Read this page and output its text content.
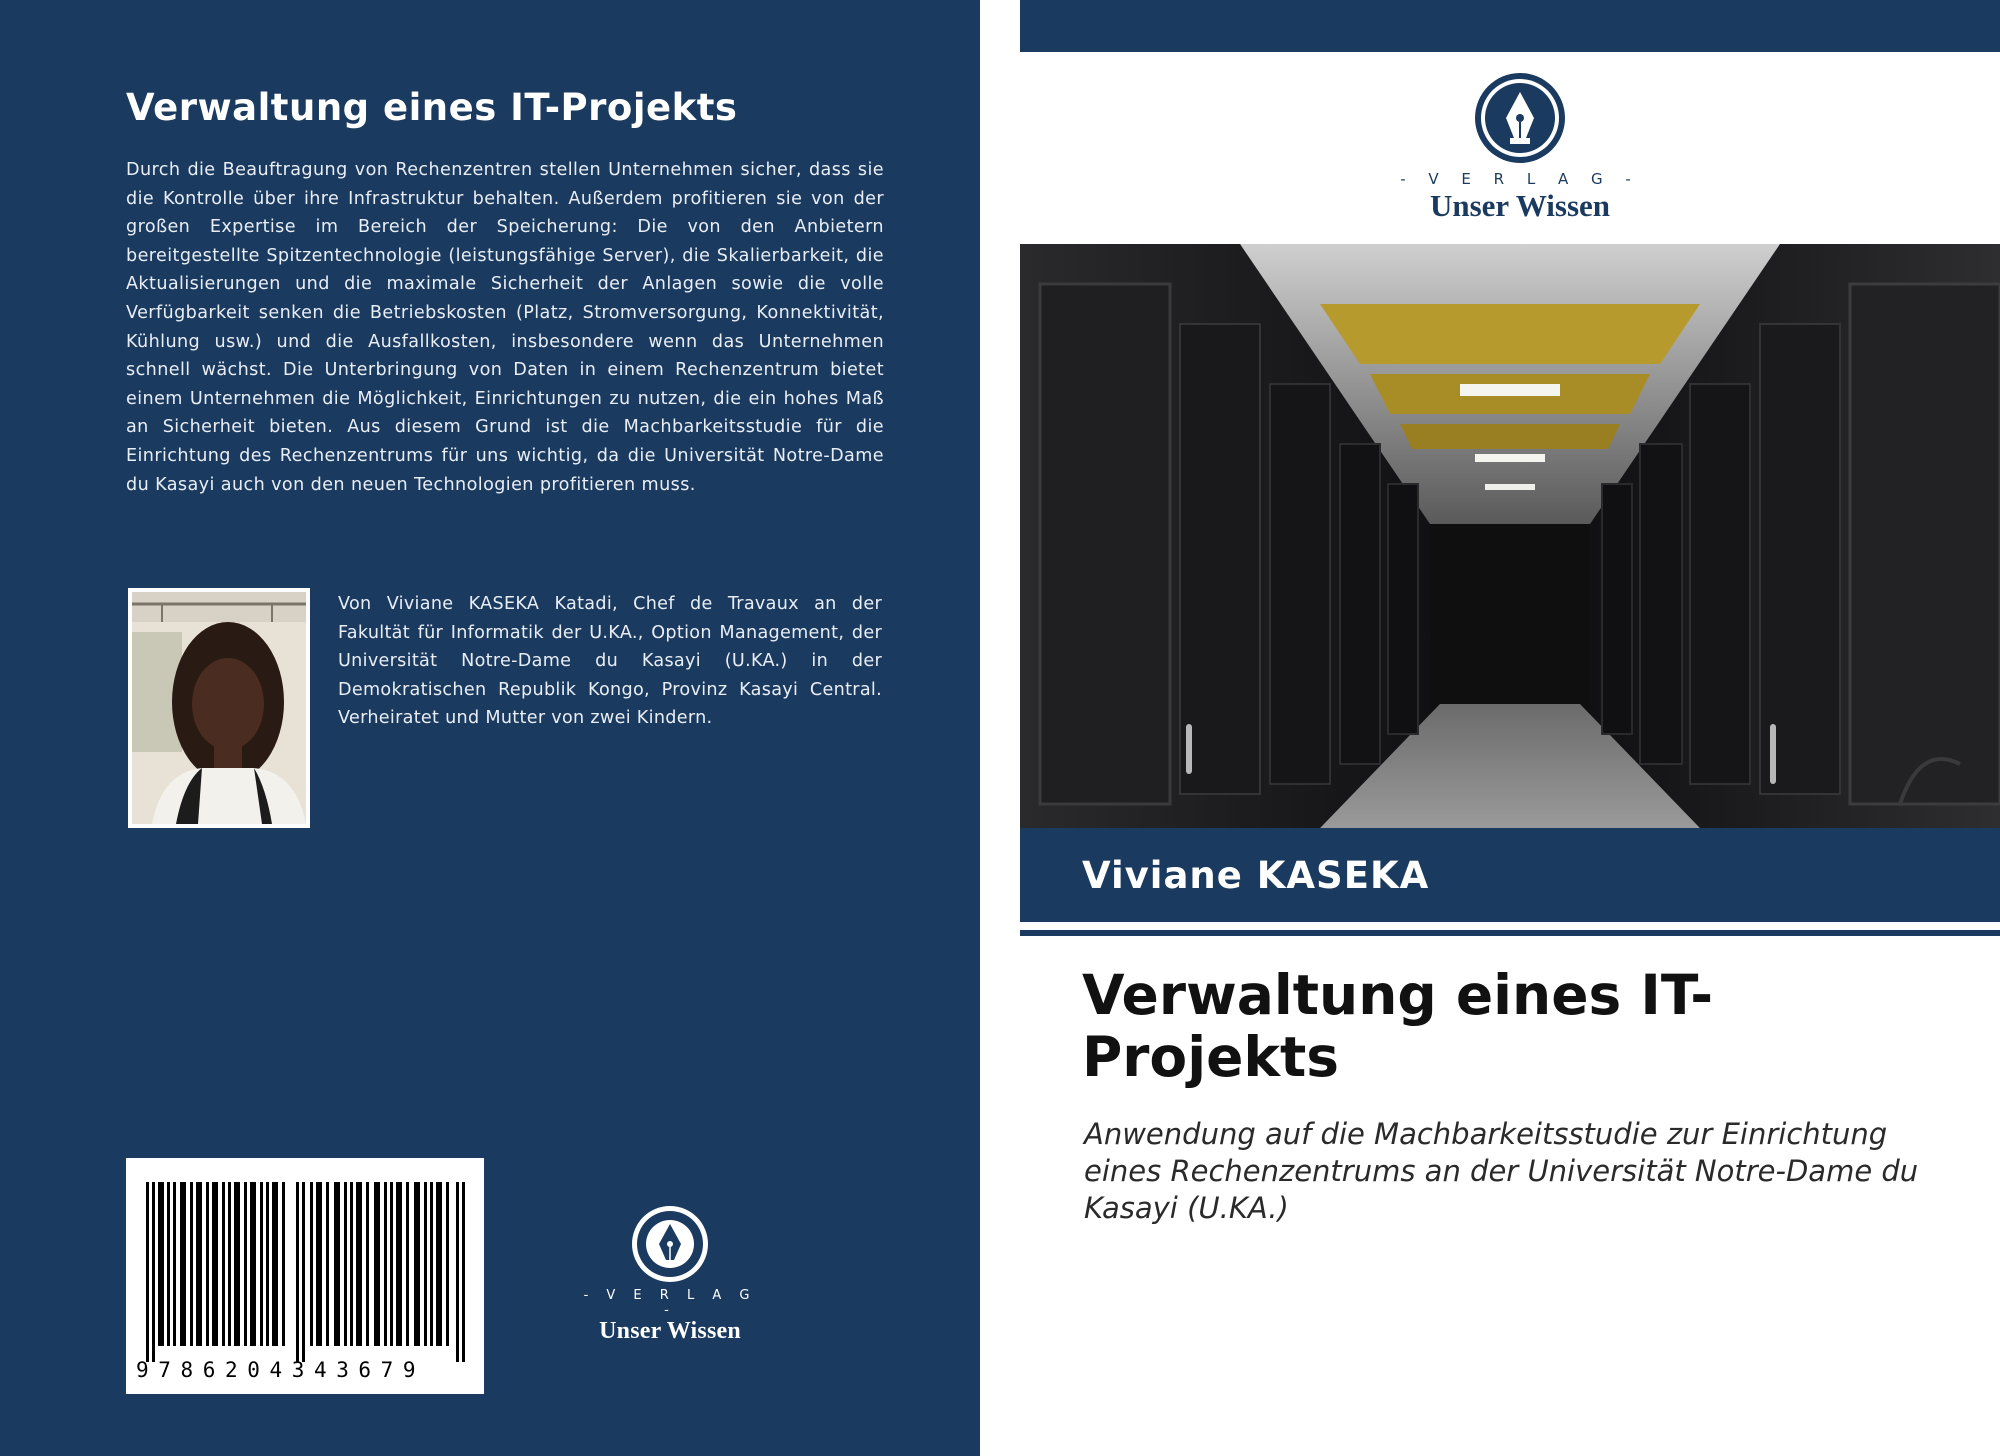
Verwaltung eines IT-Projekts

Durch die Beauftragung von Rechenzentren stellen Unternehmen sicher, dass sie die Kontrolle über ihre Infrastruktur behalten. Außerdem profitieren sie von der großen Expertise im Bereich der Speicherung: Die von den Anbietern bereitgestellte Spitzentechnologie (leistungsfähige Server), die Skalierbarkeit, die Aktualisierungen und die maximale Sicherheit der Anlagen sowie die volle Verfügbarkeit senken die Betriebskosten (Platz, Stromversorgung, Konnektivität, Kühlung usw.) und die Ausfallkosten, insbesondere wenn das Unternehmen schnell wächst. Die Unterbringung von Daten in einem Rechenzentrum bietet einem Unternehmen die Möglichkeit, Einrichtungen zu nutzen, die ein hohes Maß an Sicherheit bieten. Aus diesem Grund ist die Machbarkeitsstudie für die Einrichtung des Rechenzentrums für uns wichtig, da die Universität Notre-Dame du Kasayi auch von den neuen Technologien profitieren muss.

Von Viviane KASEKA Katadi, Chef de Travaux an der Fakultät für Informatik der U.KA., Option Management, der Universität Notre-Dame du Kasayi (U.KA.) in der Demokratischen Republik Kongo, Provinz Kasayi Central. Verheiratet und Mutter von zwei Kindern.

9786204343679
- V E R L A G -
Unser Wissen
- V E R L A G -
Unser Wissen
Viviane KASEKA
Verwaltung eines IT-Projekts

Anwendung auf die Machbarkeitsstudie zur Einrichtung eines Rechenzentrums an der Universität Notre-Dame du Kasayi (U.KA.)
